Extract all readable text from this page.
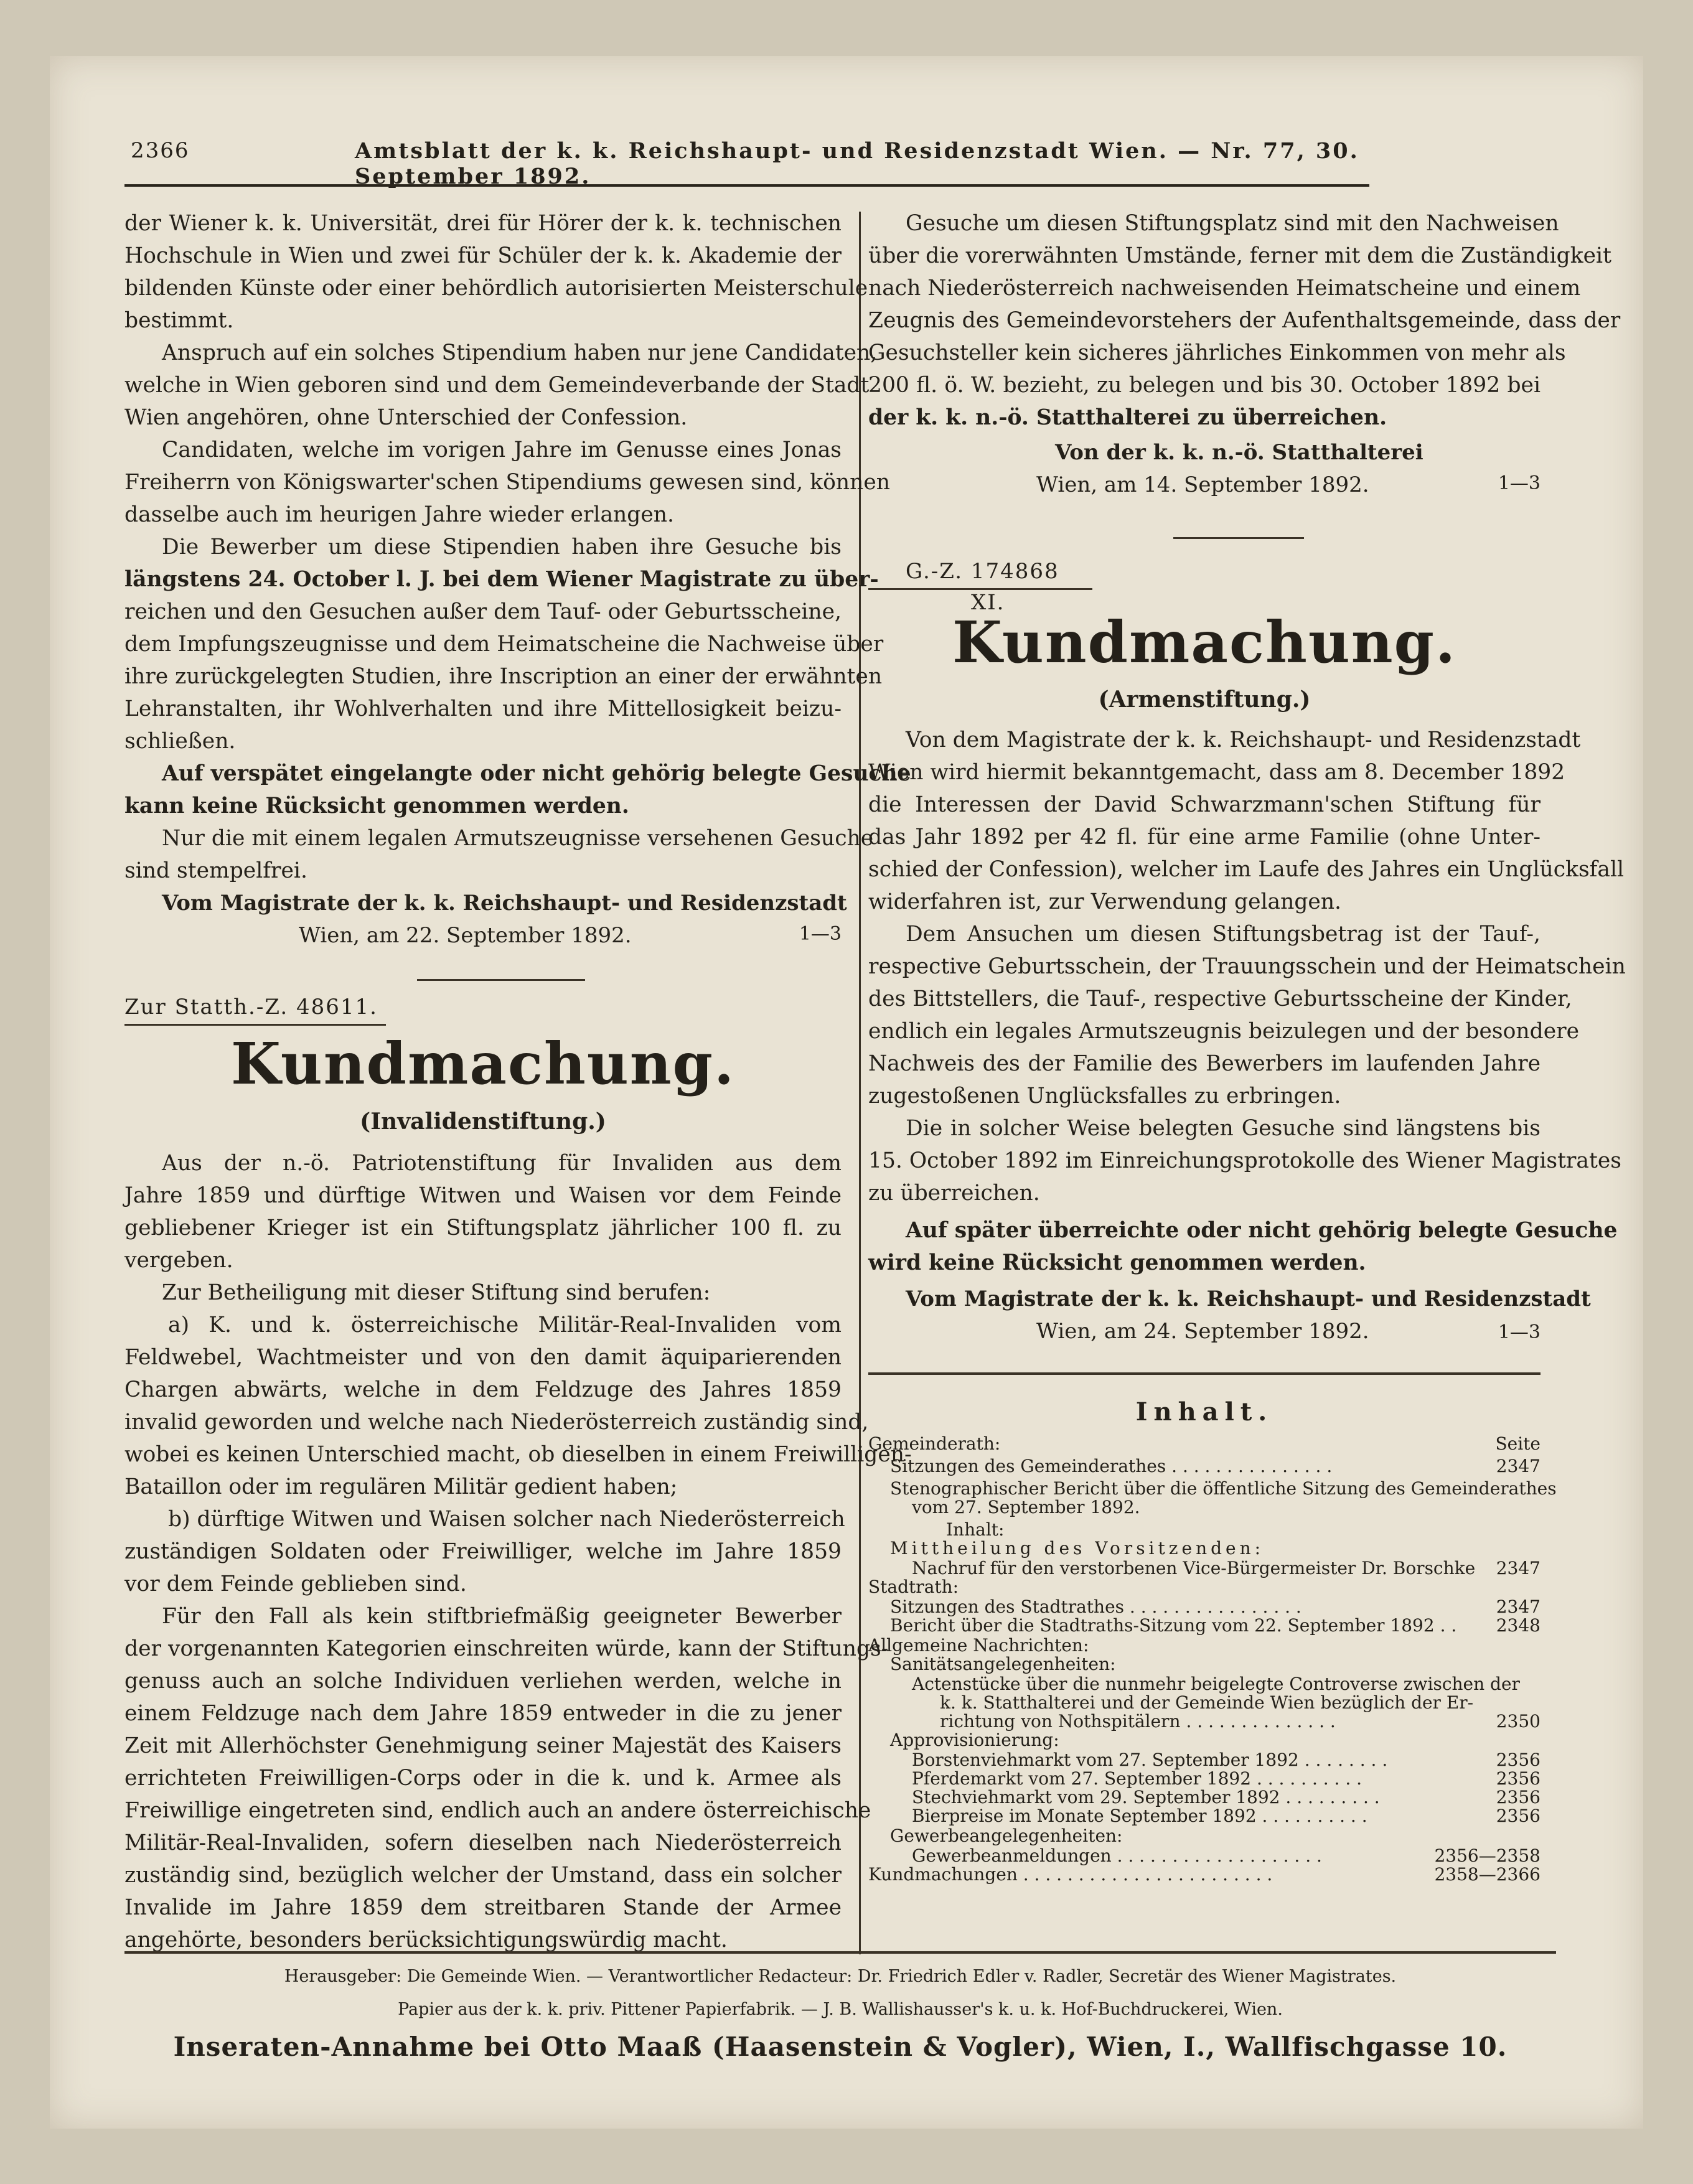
2366	Amtsblatt der k. k. Reichshaupt- und Residenzstadt Wien. — Nr. 77, 30. September 1892.
der Wiener k. k. Universität, drei für Hörer der k. k. technischen
Hochschule in Wien und zwei für Schüler der k. k. Akademie der
bildenden Künste oder einer behördlich autorisierten Meisterschule
bestimmt.
Anspruch auf ein solches Stipendium haben nur jene Candidaten,
welche in Wien geboren sind und dem Gemeindeverbande der Stadt
Wien angehören, ohne Unterschied der Confession.
Candidaten, welche im vorigen Jahre im Genusse eines Jonas
Freiherrn von Königswarter'schen Stipendiums gewesen sind, können
dasselbe auch im heurigen Jahre wieder erlangen.
Die Bewerber um diese Stipendien haben ihre Gesuche bis
längstens 24. October l. J. bei dem Wiener Magistrate zu über-
reichen und den Gesuchen außer dem Tauf- oder Geburtsscheine,
dem Impfungszeugnisse und dem Heimatscheine die Nachweise über
ihre zurückgelegten Studien, ihre Inscription an einer der erwähnten
Lehranstalten, ihr Wohlverhalten und ihre Mittellosigkeit beizu-
schließen.
Auf verspätet eingelangte oder nicht gehörig belegte Gesuche
kann keine Rücksicht genommen werden.
Nur die mit einem legalen Armutszeugnisse versehenen Gesuche
sind stempelfrei.
Vom Magistrate der k. k. Reichshaupt- und Residenzstadt
Wien, am 22. September 1892.	1—3
Zur Statth.-Z. 48611.
Kundmachung.
(Invalidenstiftung.)
Aus der n.-ö. Patriotenstiftung für Invaliden aus dem
Jahre 1859 und dürftige Witwen und Waisen vor dem Feinde
gebliebener Krieger ist ein Stiftungsplatz jährlicher 100 fl. zu
vergeben.
Zur Betheiligung mit dieser Stiftung sind berufen:
a) K. und k. österreichische Militär-Real-Invaliden vom
Feldwebel, Wachtmeister und von den damit äquiparierenden
Chargen abwärts, welche in dem Feldzuge des Jahres 1859
invalid geworden und welche nach Niederösterreich zuständig sind,
wobei es keinen Unterschied macht, ob dieselben in einem Freiwilligen-
Bataillon oder im regulären Militär gedient haben;
b) dürftige Witwen und Waisen solcher nach Niederösterreich
zuständigen Soldaten oder Freiwilliger, welche im Jahre 1859
vor dem Feinde geblieben sind.
Für den Fall als kein stiftbriefmäßig geeigneter Bewerber
der vorgenannten Kategorien einschreiten würde, kann der Stiftungs-
genuss auch an solche Individuen verliehen werden, welche in
einem Feldzuge nach dem Jahre 1859 entweder in die zu jener
Zeit mit Allerhöchster Genehmigung seiner Majestät des Kaisers
errichteten Freiwilligen-Corps oder in die k. und k. Armee als
Freiwillige eingetreten sind, endlich auch an andere österreichische
Militär-Real-Invaliden, sofern dieselben nach Niederösterreich
zuständig sind, bezüglich welcher der Umstand, dass ein solcher
Invalide im Jahre 1859 dem streitbaren Stande der Armee
angehörte, besonders berücksichtigungswürdig macht.
Gesuche um diesen Stiftungsplatz sind mit den Nachweisen
über die vorerwähnten Umstände, ferner mit dem die Zuständigkeit
nach Niederösterreich nachweisenden Heimatscheine und einem
Zeugnis des Gemeindevorstehers der Aufenthaltsgemeinde, dass der
Gesuchsteller kein sicheres jährliches Einkommen von mehr als
200 fl. ö. W. bezieht, zu belegen und bis 30. October 1892 bei
der k. k. n.-ö. Statthalterei zu überreichen.
Von der k. k. n.-ö. Statthalterei
Wien, am 14. September 1892.	1—3
G.-Z. 174868
XI.
Kundmachung.
(Armenstiftung.)
Von dem Magistrate der k. k. Reichshaupt- und Residenzstadt
Wien wird hiermit bekanntgemacht, dass am 8. December 1892
die Interessen der David Schwarzmann'schen Stiftung für
das Jahr 1892 per 42 fl. für eine arme Familie (ohne Unter-
schied der Confession), welcher im Laufe des Jahres ein Unglücksfall
widerfahren ist, zur Verwendung gelangen.
Dem Ansuchen um diesen Stiftungsbetrag ist der Tauf-,
respective Geburtsschein, der Trauungsschein und der Heimatschein
des Bittstellers, die Tauf-, respective Geburtsscheine der Kinder,
endlich ein legales Armutszeugnis beizulegen und der besondere
Nachweis des der Familie des Bewerbers im laufenden Jahre
zugestoßenen Unglücksfalles zu erbringen.
Die in solcher Weise belegten Gesuche sind längstens bis
15. October 1892 im Einreichungsprotokolle des Wiener Magistrates
zu überreichen.
Auf später überreichte oder nicht gehörig belegte Gesuche
wird keine Rücksicht genommen werden.
Vom Magistrate der k. k. Reichshaupt- und Residenzstadt
Wien, am 24. September 1892.	1—3
Inhalt.
Seite
Gemeinderath:
Sitzungen des Gemeinderathes . . . . . . . . . . . . . . .	2347
Stenographischer Bericht über die öffentliche Sitzung des Gemeinderathes
vom 27. September 1892.
Inhalt:
Mittheilung des Vorsitzenden:
Nachruf für den verstorbenen Vice-Bürgermeister Dr. Borschke 2347
Stadtrath:
Sitzungen des Stadtrathes . . . . . . . . . . . . . . . .	2347
Bericht über die Stadtraths-Sitzung vom 22. September 1892 . . 2348
Allgemeine Nachrichten:
Sanitätsangelegenheiten:
Actenstücke über die nunmehr beigelegte Controverse zwischen der
k. k. Statthalterei und der Gemeinde Wien bezüglich der Er-
richtung von Nothspitälern . . . . . . . . . . . . . .	2350
Approvisionierung:
Borstenviehmarkt vom 27. September 1892 . . . . . . . .	2356
Pferdemarkt vom 27. September 1892 . . . . . . . . . .	2356
Stechviehmarkt vom 29. September 1892 . . . . . . . . .	2356
Bierpreise im Monate September 1892 . . . . . . . . . .	2356
Gewerbeangelegenheiten:
Gewerbeanmeldungen . . . . . . . . . . . . . . . . . . .	2356—2358
Kundmachungen . . . . . . . . . . . . . . . . . . . . . . .	2358—2366
Herausgeber: Die Gemeinde Wien. — Verantwortlicher Redacteur: Dr. Friedrich Edler v. Radler, Secretär des Wiener Magistrates.
Papier aus der k. k. priv. Pittener Papierfabrik. — J. B. Wallishausser's k. u. k. Hof-Buchdruckerei, Wien.
Inseraten-Annahme bei Otto Maaß (Haasenstein & Vogler), Wien, I., Wallfischgasse 10.
